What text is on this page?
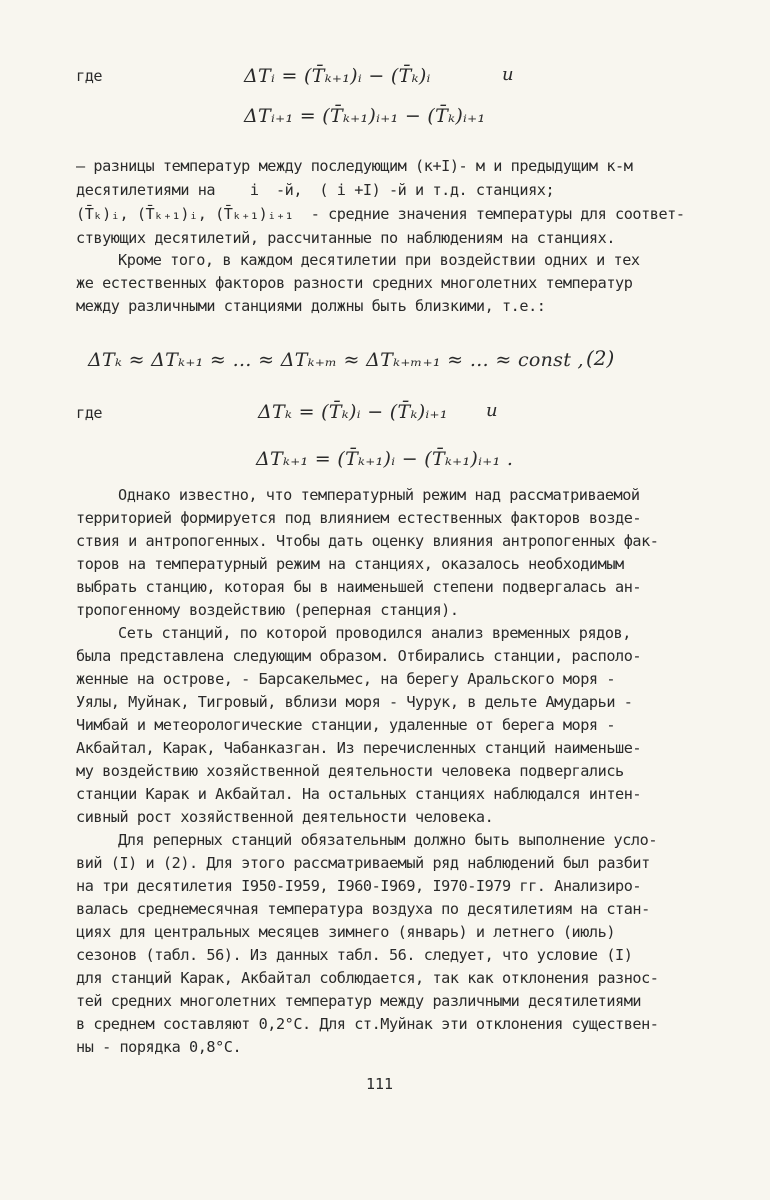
где	ΔTᵢ = (T̄ₖ₊₁)ᵢ − (T̄ₖ)ᵢ	и
ΔTᵢ₊₁ = (T̄ₖ₊₁)ᵢ₊₁ − (T̄ₖ)ᵢ₊₁
– разницы температур между последующим (к+I)- м и предыдущим к-м
десятилетиями на    i  -й,  ( i +I) -й и т.д. станциях;
(T̄ₖ)ᵢ, (T̄ₖ₊₁)ᵢ, (T̄ₖ₊₁)ᵢ₊₁  - средние значения температуры для соответ-
ствующих десятилетий, рассчитанные по наблюдениям на станциях.
Кроме того, в каждом десятилетии при воздействии одних и тех
же естественных факторов разности средних многолетних температур
между различными станциями должны быть близкими, т.е.:
ΔTₖ ≈ ΔTₖ₊₁ ≈ … ≈ ΔTₖ₊ₘ ≈ ΔTₖ₊ₘ₊₁ ≈ … ≈ const , (2)
где	ΔTₖ = (T̄ₖ)ᵢ − (T̄ₖ)ᵢ₊₁ и
ΔTₖ₊₁ = (T̄ₖ₊₁)ᵢ − (T̄ₖ₊₁)ᵢ₊₁ .
Однако известно, что температурный режим над рассматриваемой
территорией формируется под влиянием естественных факторов возде-
ствия и антропогенных. Чтобы дать оценку влияния антропогенных фак-
торов на температурный режим на станциях, оказалось необходимым
выбрать станцию, которая бы в наименьшей степени подвергалась ан-
тропогенному воздействию (реперная станция).
Сеть станций, по которой проводился анализ временных рядов,
была представлена следующим образом. Отбирались станции, располо-
женные на острове, - Барсакельмес, на берегу Аральского моря -
Уялы, Муйнак, Тигровый, вблизи моря - Чурук, в дельте Амударьи -
Чимбай и метеорологические станции, удаленные от берега моря -
Акбайтал, Карак, Чабанказган. Из перечисленных станций наименьше-
му воздействию хозяйственной деятельности человека подвергались
станции Карак и Акбайтал. На остальных станциях наблюдался интен-
сивный рост хозяйственной деятельности человека.
Для реперных станций обязательным должно быть выполнение усло-
вий (I) и (2). Для этого рассматриваемый ряд наблюдений был разбит
на три десятилетия I950-I959, I960-I969, I970-I979 гг. Анализиро-
валась среднемесячная температура воздуха по десятилетиям на стан-
циях для центральных месяцев зимнего (январь) и летнего (июль)
сезонов (табл. 56). Из данных табл. 56. следует, что условие (I)
для станций Карак, Акбайтал соблюдается, так как отклонения разнос-
тей средних многолетних температур между различными десятилетиями
в среднем составляют 0,2°С. Для ст.Муйнак эти отклонения существен-
ны - порядка 0,8°С.
111
